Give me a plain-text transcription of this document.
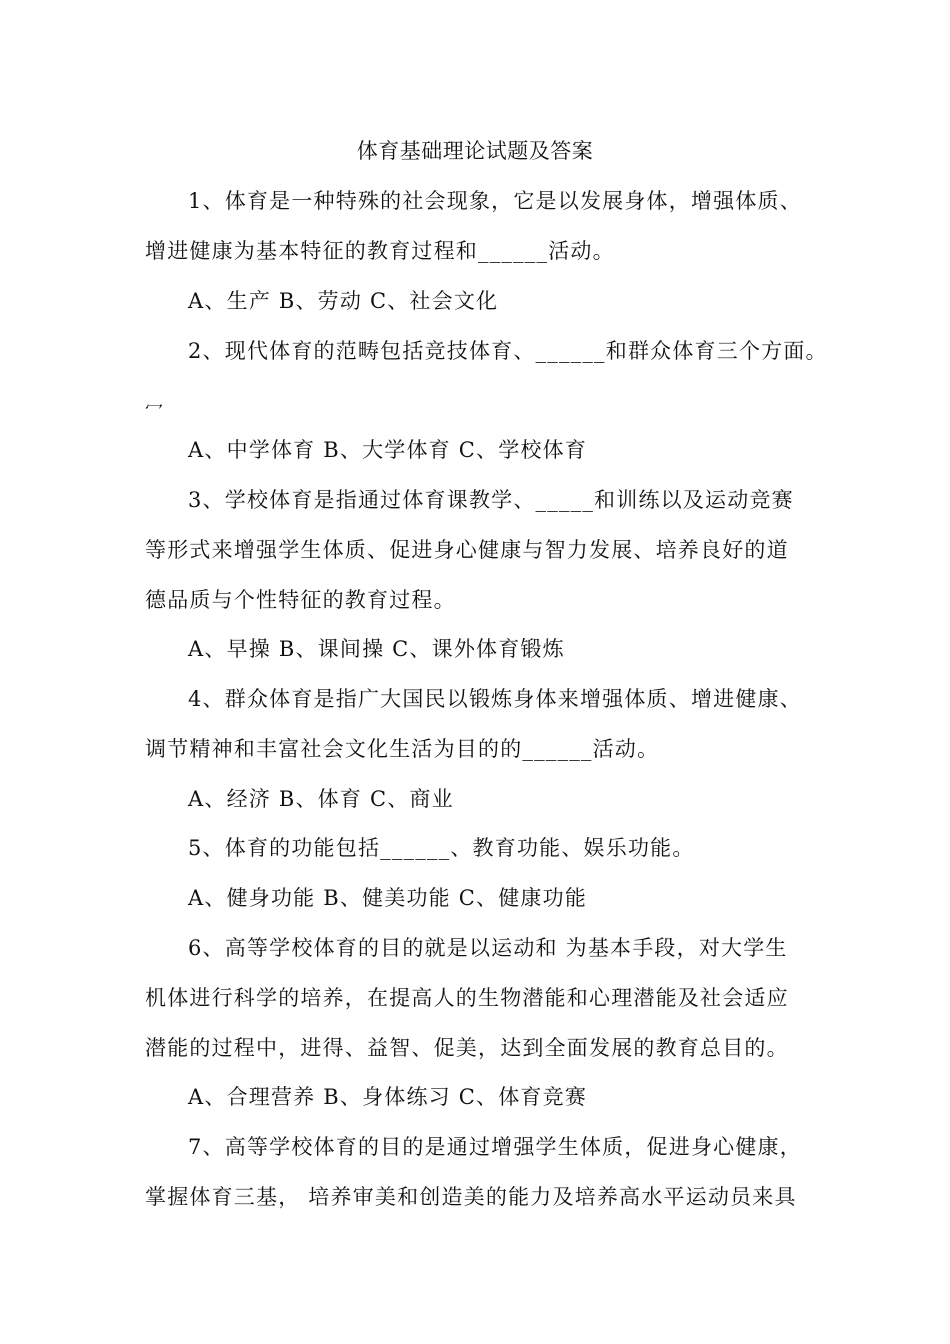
体育基础理论试题及答案
1、体育是一种特殊的社会现象，它是以发展身体，增强体质、
增进健康为基本特征的教育过程和______活动。
A、生产 B、劳动 C、社会文化
2、现代体育的范畴包括竞技体育、______和群众体育三个方面。
冖
A、中学体育 B、大学体育 C、学校体育
3、学校体育是指通过体育课教学、_____和训练以及运动竞赛
等形式来增强学生体质、促进身心健康与智力发展、培养良好的道
德品质与个性特征的教育过程。
A、早操 B、课间操 C、课外体育锻炼
4、群众体育是指广大国民以锻炼身体来增强体质、增进健康、
调节精神和丰富社会文化生活为目的的______活动。
A、经济 B、体育 C、商业
5、体育的功能包括______、教育功能、娱乐功能。
A、健身功能 B、健美功能 C、健康功能
6、高等学校体育的目的就是以运动和 为基本手段，对大学生
机体进行科学的培养，在提高人的生物潜能和心理潜能及社会适应
潜能的过程中，进得、益智、促美，达到全面发展的教育总目的。
A、合理营养 B、身体练习 C、体育竞赛
7、高等学校体育的目的是通过增强学生体质，促进身心健康，
掌握体育三基， 培养审美和创造美的能力及培养高水平运动员来具
